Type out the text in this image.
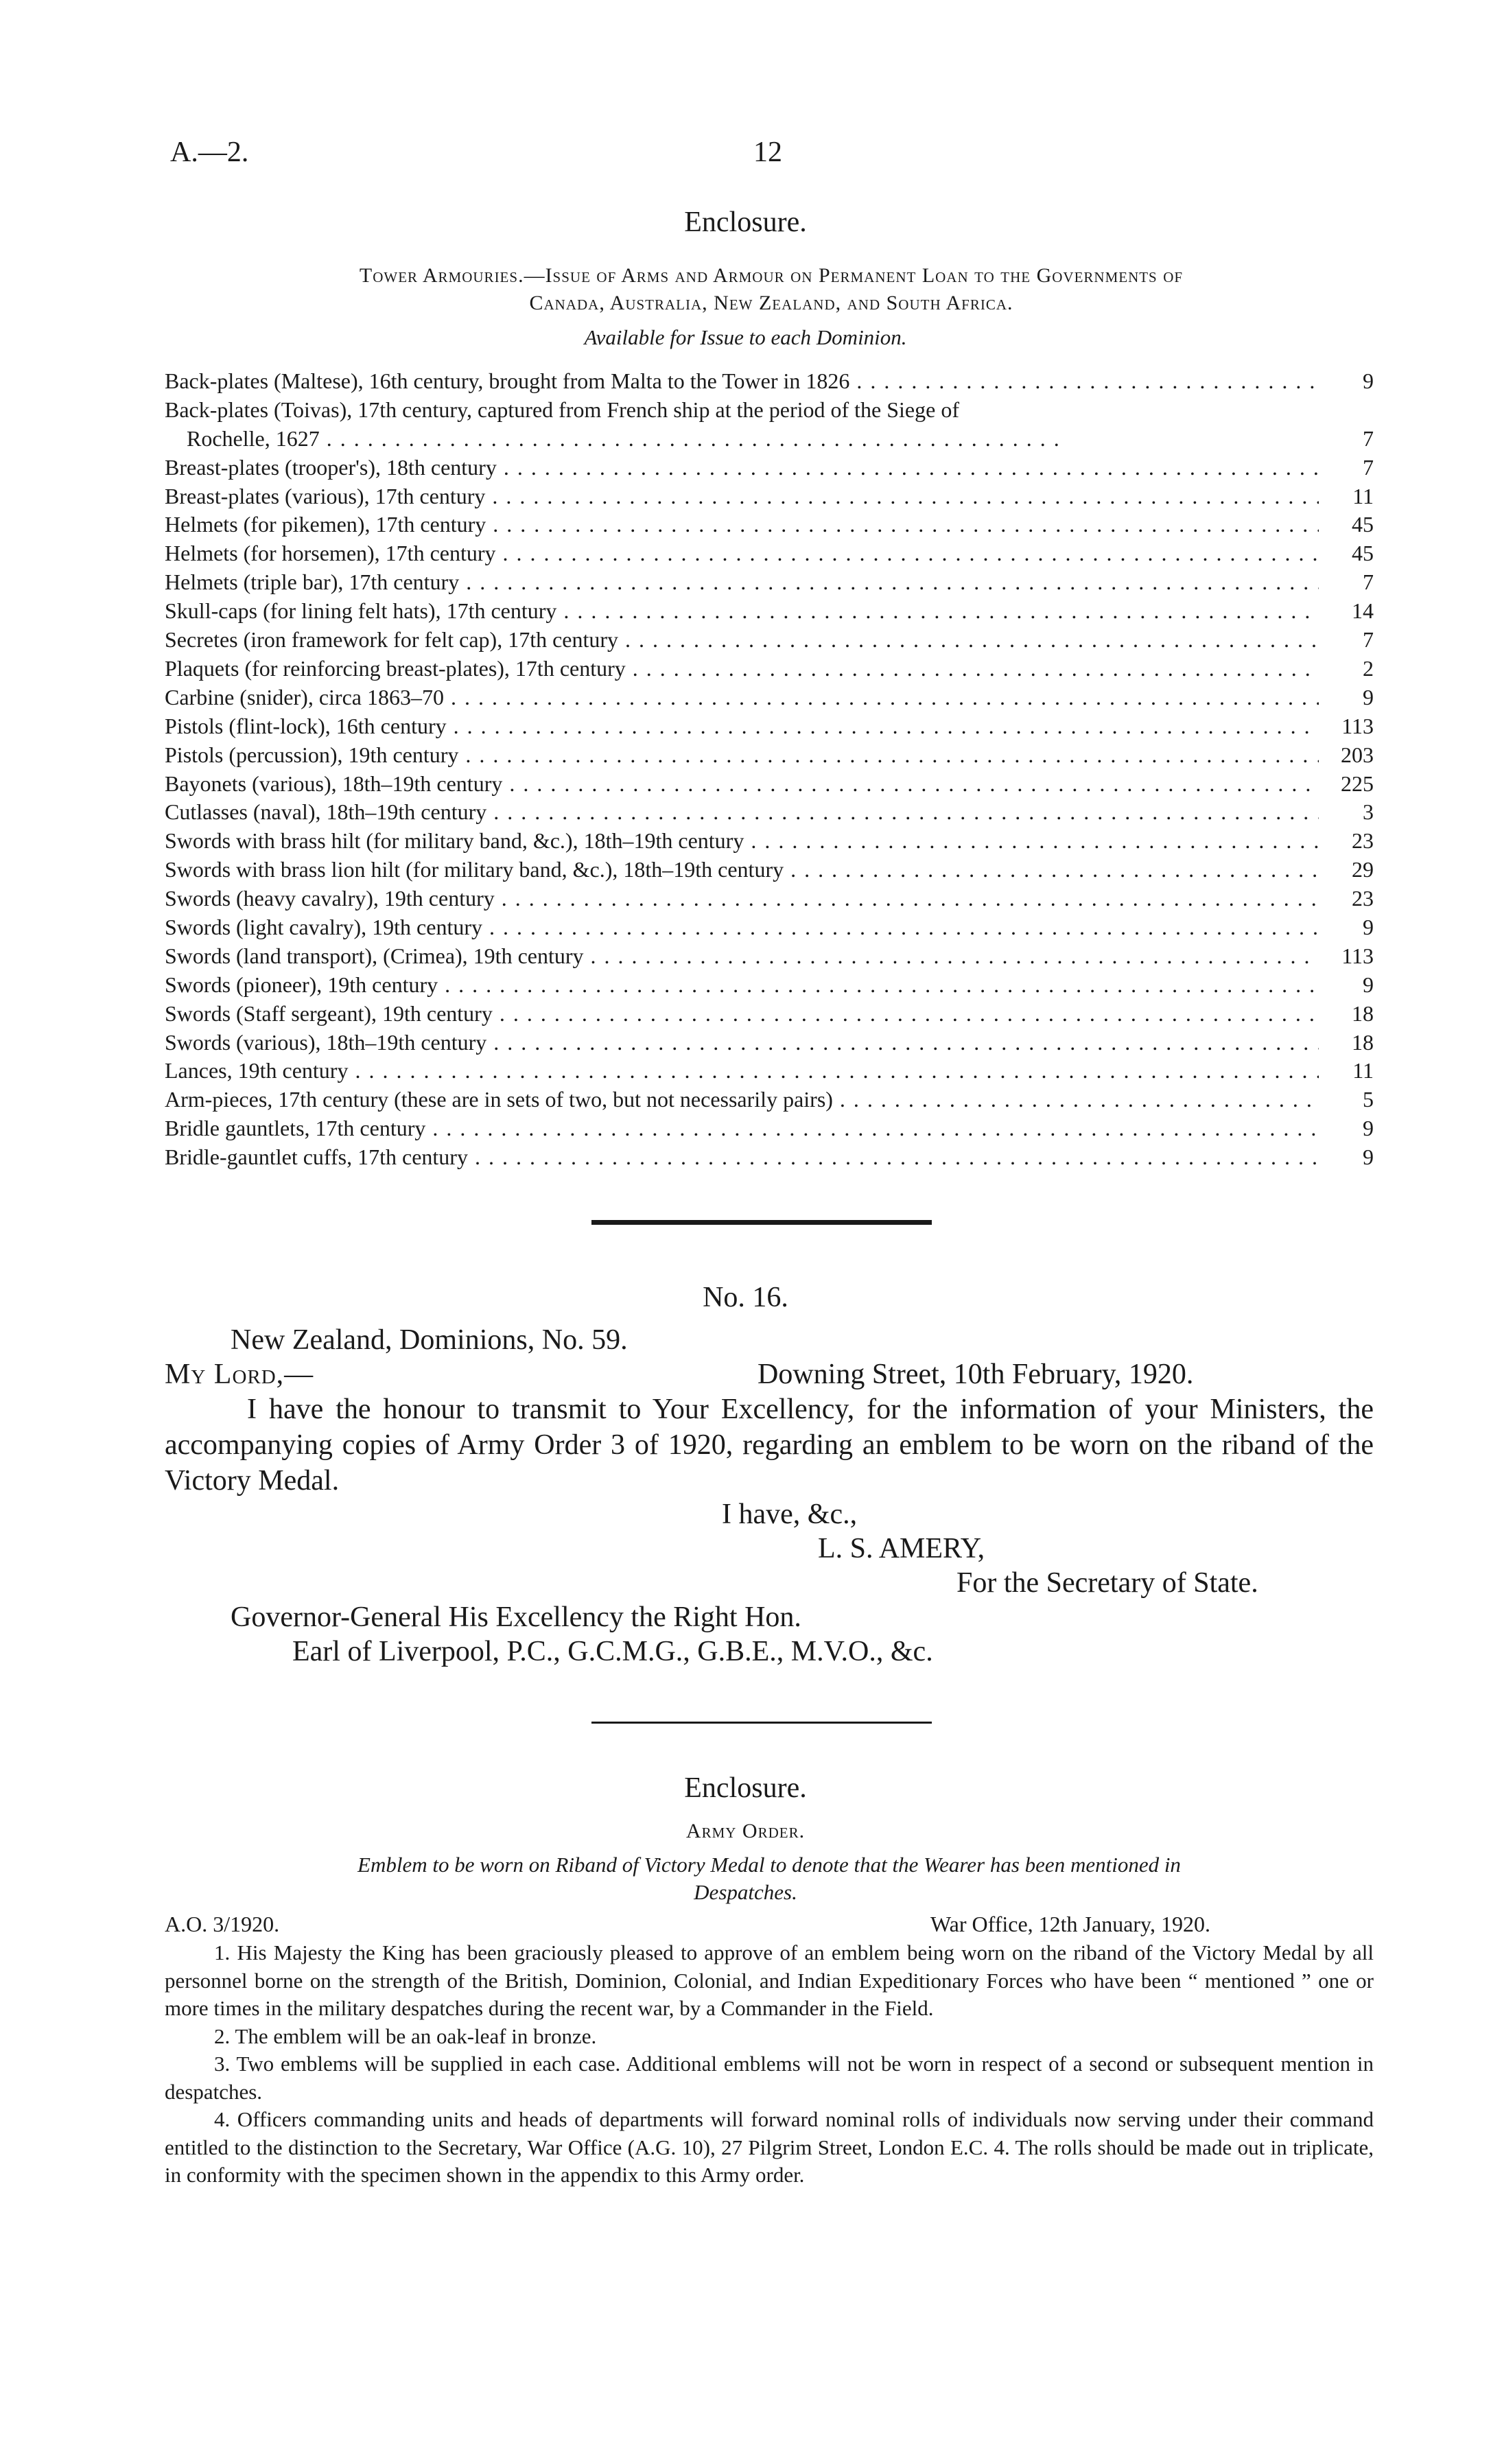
A.—2.	12
Enclosure.
Tower Armouries.—Issue of Arms and Armour on Permanent Loan to the Governments of
Canada, Australia, New Zealand, and South Africa.
Available for Issue to each Dominion.
Back-plates (Maltese), 16th century, brought from Malta to the Tower in 1826 . .	9
Back-plates (Toivas), 17th century, captured from French ship at the period of the Siege of
Rochelle, 1627 . .	7
Breast-plates (trooper's), 18th century . .	7
Breast-plates (various), 17th century . .	11
Helmets (for pikemen), 17th century . .	45
Helmets (for horsemen), 17th century . .	45
Helmets (triple bar), 17th century . .	7
Skull-caps (for lining felt hats), 17th century . .	14
Secretes (iron framework for felt cap), 17th century . .	7
Plaquets (for reinforcing breast-plates), 17th century . .	2
Carbine (snider), circa 1863–70 . .	9
Pistols (flint-lock), 16th century . .	113
Pistols (percussion), 19th century . .	203
Bayonets (various), 18th–19th century . .	225
Cutlasses (naval), 18th–19th century . .	3
Swords with brass hilt (for military band, &c.), 18th–19th century . .	23
Swords with brass lion hilt (for military band, &c.), 18th–19th century . .	29
Swords (heavy cavalry), 19th century . .	23
Swords (light cavalry), 19th century . .	9
Swords (land transport), (Crimea), 19th century . .	113
Swords (pioneer), 19th century . .	9
Swords (Staff sergeant), 19th century . .	18
Swords (various), 18th–19th century . .	18
Lances, 19th century . .	11
Arm-pieces, 17th century (these are in sets of two, but not necessarily pairs) . .	5
Bridle gauntlets, 17th century . .	9
Bridle-gauntlet cuffs, 17th century . .	9
No. 16.
New Zealand, Dominions, No. 59.
My Lord,—	Downing Street, 10th February, 1920.
I have the honour to transmit to Your Excellency, for the information of your Ministers, the accompanying copies of Army Order 3 of 1920, regarding an emblem to be worn on the riband of the Victory Medal.
I have, &c.,
L. S. AMERY,
For the Secretary of State.
Governor-General His Excellency the Right Hon.
Earl of Liverpool, P.C., G.C.M.G., G.B.E., M.V.O., &c.
Enclosure.
Army Order.
Emblem to be worn on Riband of Victory Medal to denote that the Wearer has been mentioned in
Despatches.
A.O. 3/1920.	War Office, 12th January, 1920.

1. His Majesty the King has been graciously pleased to approve of an emblem being worn on the riband of the Victory Medal by all personnel borne on the strength of the British, Dominion, Colonial, and Indian Expeditionary Forces who have been “ mentioned ” one or more times in the military despatches during the recent war, by a Commander in the Field.

2. The emblem will be an oak-leaf in bronze.

3. Two emblems will be supplied in each case. Additional emblems will not be worn in respect of a second or subsequent mention in despatches.

4. Officers commanding units and heads of departments will forward nominal rolls of individuals now serving under their command entitled to the distinction to the Secretary, War Office (A.G. 10), 27 Pilgrim Street, London E.C. 4. The rolls should be made out in triplicate, in conformity with the specimen shown in the appendix to this Army order.
